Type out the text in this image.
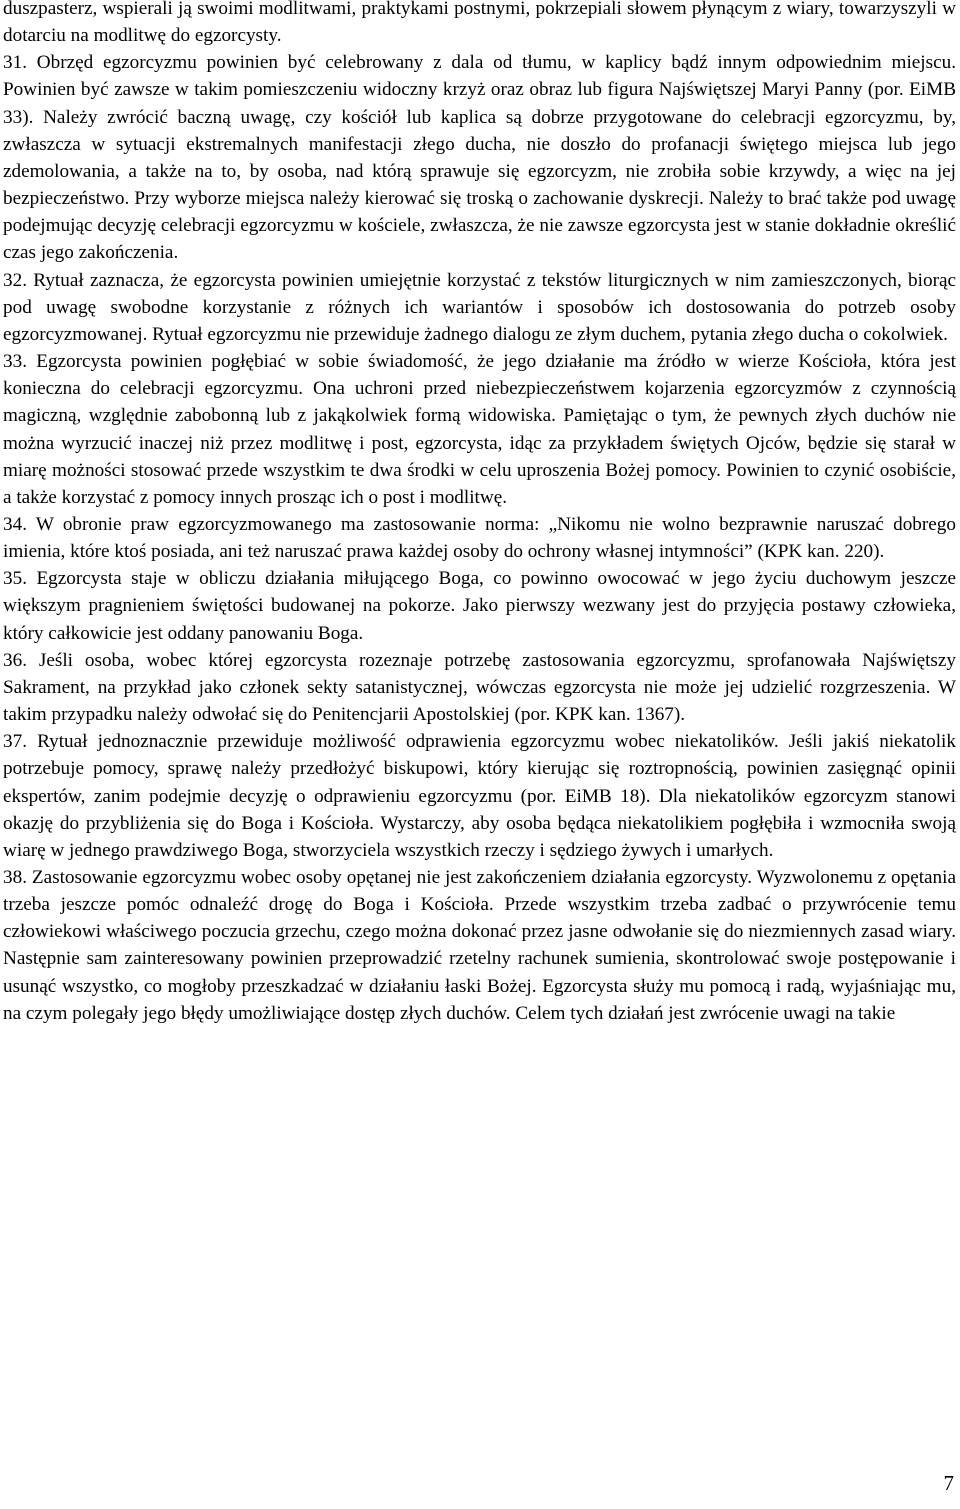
duszpasterz, wspierali ją swoimi modlitwami, praktykami postnymi, pokrzepiali słowem płynącym z wiary, towarzyszyli w dotarciu na modlitwę do egzorcysty.

31. Obrzęd egzorcyzmu powinien być celebrowany z dala od tłumu, w kaplicy bądź innym odpowiednim miejscu. Powinien być zawsze w takim pomieszczeniu widoczny krzyż oraz obraz lub figura Najświętszej Maryi Panny (por. EiMB 33). Należy zwrócić baczną uwagę, czy kościół lub kaplica są dobrze przygotowane do celebracji egzorcyzmu, by, zwłaszcza w sytuacji ekstremalnych manifestacji złego ducha, nie doszło do profanacji świętego miejsca lub jego zdemolowania, a także na to, by osoba, nad którą sprawuje się egzorcyzm, nie zrobiła sobie krzywdy, a więc na jej bezpieczeństwo. Przy wyborze miejsca należy kierować się troską o zachowanie dyskrecji. Należy to brać także pod uwagę podejmując decyzję celebracji egzorcyzmu w kościele, zwłaszcza, że nie zawsze egzorcysta jest w stanie dokładnie określić czas jego zakończenia.

32. Rytuał zaznacza, że egzorcysta powinien umiejętnie korzystać z tekstów liturgicznych w nim zamieszczonych, biorąc pod uwagę swobodne korzystanie z różnych ich wariantów i sposobów ich dostosowania do potrzeb osoby egzorcyzmowanej. Rytuał egzorcyzmu nie przewiduje żadnego dialogu ze złym duchem, pytania złego ducha o cokolwiek.

33. Egzorcysta powinien pogłębiać w sobie świadomość, że jego działanie ma źródło w wierze Kościoła, która jest konieczna do celebracji egzorcyzmu. Ona uchroni przed niebezpieczeństwem kojarzenia egzorcyzmów z czynnością magiczną, względnie zabobonną lub z jakąkolwiek formą widowiska. Pamiętając o tym, że pewnych złych duchów nie można wyrzucić inaczej niż przez modlitwę i post, egzorcysta, idąc za przykładem świętych Ojców, będzie się starał w miarę możności stosować przede wszystkim te dwa środki w celu uproszenia Bożej pomocy. Powinien to czynić osobiście, a także korzystać z pomocy innych prosząc ich o post i modlitwę.

34. W obronie praw egzorcyzmowanego ma zastosowanie norma: „Nikomu nie wolno bezprawnie naruszać dobrego imienia, które ktoś posiada, ani też naruszać prawa każdej osoby do ochrony własnej intymności” (KPK kan. 220).

35. Egzorcysta staje w obliczu działania miłującego Boga, co powinno owocować w jego życiu duchowym jeszcze większym pragnieniem świętości budowanej na pokorze. Jako pierwszy wezwany jest do przyjęcia postawy człowieka, który całkowicie jest oddany panowaniu Boga.

36. Jeśli osoba, wobec której egzorcysta rozeznaje potrzebę zastosowania egzorcyzmu, sprofanowała Najświętszy Sakrament, na przykład jako członek sekty satanistycznej, wówczas egzorcysta nie może jej udzielić rozgrzeszenia. W takim przypadku należy odwołać się do Penitencjarii Apostolskiej (por. KPK kan. 1367).

37. Rytuał jednoznacznie przewiduje możliwość odprawienia egzorcyzmu wobec niekatolików. Jeśli jakiś niekatolik potrzebuje pomocy, sprawę należy przedłożyć biskupowi, który kierując się roztropnością, powinien zasięgnąć opinii ekspertów, zanim podejmie decyzję o odprawieniu egzorcyzmu (por. EiMB 18). Dla niekatolików egzorcyzm stanowi okazję do przybliżenia się do Boga i Kościoła. Wystarczy, aby osoba będąca niekatolikiem pogłębiła i wzmocniła swoją wiarę w jednego prawdziwego Boga, stworzyciela wszystkich rzeczy i sędziego żywych i umarłych.

38. Zastosowanie egzorcyzmu wobec osoby opętanej nie jest zakończeniem działania egzorcysty. Wyzwolonemu z opętania trzeba jeszcze pomóc odnaleźć drogę do Boga i Kościoła. Przede wszystkim trzeba zadbać o przywrócenie temu człowiekowi właściwego poczucia grzechu, czego można dokonać przez jasne odwołanie się do niezmiennych zasad wiary. Następnie sam zainteresowany powinien przeprowadzić rzetelny rachunek sumienia, skontrolować swoje postępowanie i usunąć wszystko, co mogłoby przeszkadzać w działaniu łaski Bożej. Egzorcysta służy mu pomocą i radą, wyjaśniając mu, na czym polegały jego błędy umożliwiające dostęp złych duchów. Celem tych działań jest zwrócenie uwagi na takie

7
